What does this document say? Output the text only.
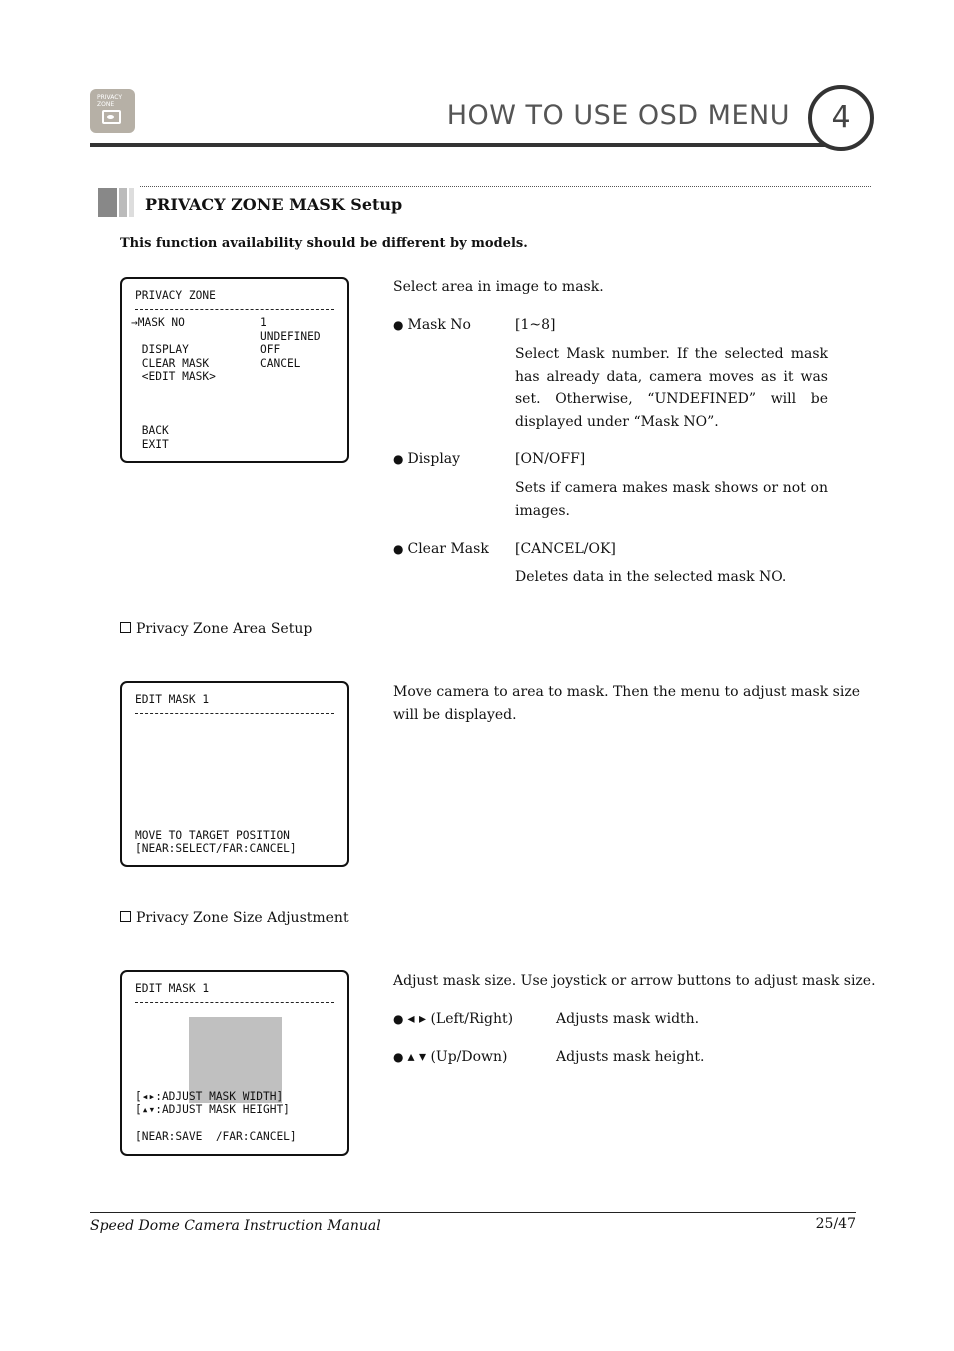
PRIVACY ZONE	HOW TO USE OSD MENU	4
PRIVACY ZONE MASK Setup
This function availability should be different by models.
PRIVACY ZONE
→MASK NO	1
UNDEFINED
DISPLAY	OFF
CLEAR MASK	CANCEL
<EDIT MASK>
BACK
EXIT
Select area in image to mask.
● Mask No	[1~8]
Select Mask number. If the selected mask has already data, camera moves as it was set. Otherwise, “UNDEFINED” will be displayed under “Mask NO”.
● Display	[ON/OFF]
Sets if camera makes mask shows or not on images.
● Clear Mask [CANCEL/OK]
Deletes data in the selected mask NO.
Privacy Zone Area Setup
EDIT MASK 1
MOVE TO TARGET POSITION
[NEAR:SELECT/FAR:CANCEL]
Move camera to area to mask. Then the menu to adjust mask size will be displayed.
Privacy Zone Size Adjustment
EDIT MASK 1
[◂▸:ADJUST MASK WIDTH]
[▴▾:ADJUST MASK HEIGHT]
[NEAR:SAVE  /FAR:CANCEL]
Adjust mask size. Use joystick or arrow buttons to adjust mask size.
● ◂ ▸ (Left/Right)	Adjusts mask width.
● ▴ ▾ (Up/Down)	Adjusts mask height.
Speed Dome Camera Instruction Manual	25/47
